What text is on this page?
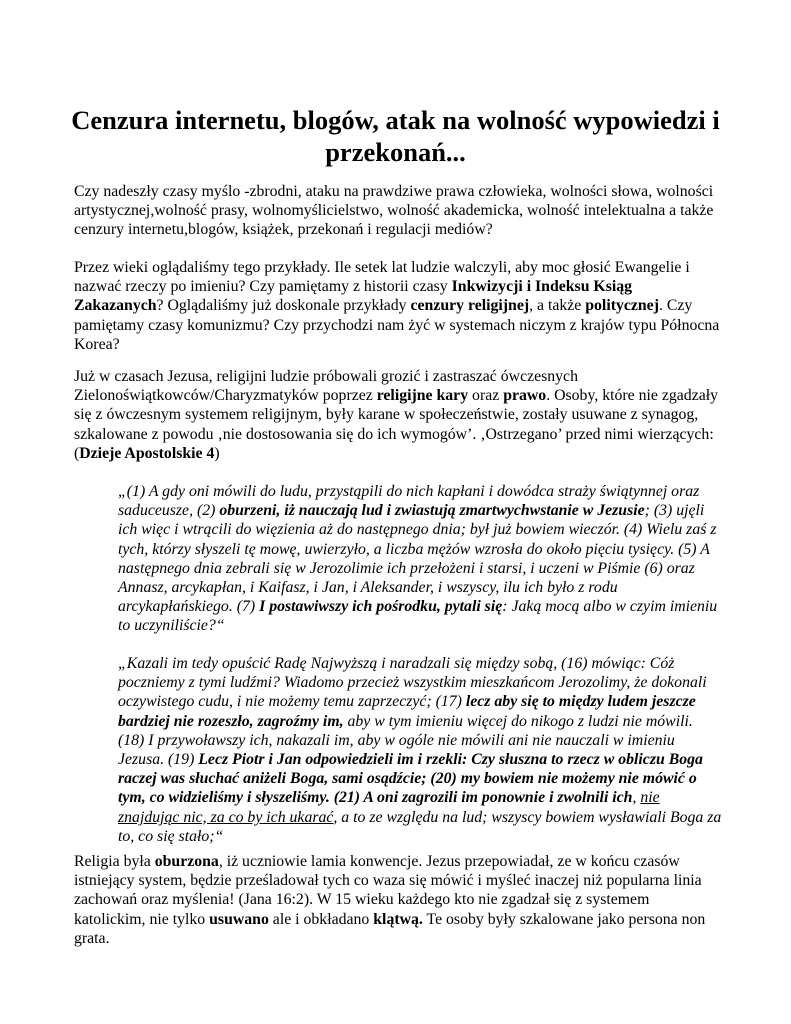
Cenzura internetu, blogów, atak na wolność wypowiedzi i przekonań...

Czy nadeszły czasy myślo -zbrodni, ataku na prawdziwe prawa człowieka, wolności słowa, wolności artystycznej,wolność prasy, wolnomyślicielstwo, wolność akademicka, wolność intelektualna a także cenzury internetu,blogów, książek, przekonań i regulacji mediów?

Przez wieki oglądaliśmy tego przykłady. Ile setek lat ludzie walczyli, aby moc głosić Ewangelie i nazwać rzeczy po imieniu? Czy pamiętamy z historii czasy Inkwizycji i Indeksu Ksiąg Zakazanych? Oglądaliśmy już doskonale przykłady cenzury religijnej, a także politycznej. Czy pamiętamy czasy komunizmu? Czy przychodzi nam żyć w systemach niczym z krajów typu Północna Korea?

Już w czasach Jezusa, religijni ludzie próbowali grozić i zastraszać ówczesnych Zielonoświątkowców/Charyzmatyków poprzez religijne kary oraz prawo. Osoby, które nie zgadzały się z ówczesnym systemem religijnym, były karane w społeczeństwie, zostały usuwane z synagog, szkalowane z powodu ‚nie dostosowania się do ich wymogów’. ‚Ostrzegano’ przed nimi wierzących: (Dzieje Apostolskie 4)

„(1) A gdy oni mówili do ludu, przystąpili do nich kapłani i dowódca straży świątynnej oraz saduceusze, (2) oburzeni, iż nauczają lud i zwiastują zmartwychwstanie w Jezusie; (3) ujęli ich więc i wtrącili do więzienia aż do następnego dnia; był już bowiem wieczór. (4) Wielu zaś z tych, którzy słyszeli tę mowę, uwierzyło, a liczba mężów wzrosła do około pięciu tysięcy. (5) A następnego dnia zebrali się w Jerozolimie ich przełożeni i starsi, i uczeni w Piśmie (6) oraz Annasz, arcykapłan, i Kaifasz, i Jan, i Aleksander, i wszyscy, ilu ich było z rodu arcykapłańskiego. (7) I postawiwszy ich pośrodku, pytali się: Jaką mocą albo w czyim imieniu to uczyniliście?“

„Kazali im tedy opuścić Radę Najwyższą i naradzali się między sobą, (16) mówiąc: Cóż poczniemy z tymi ludźmi? Wiadomo przecież wszystkim mieszkańcom Jerozolimy, że dokonali oczywistego cudu, i nie możemy temu zaprzeczyć; (17) lecz aby się to między ludem jeszcze bardziej nie rozeszło, zagroźmy im, aby w tym imieniu więcej do nikogo z ludzi nie mówili. (18) I przywoławszy ich, nakazali im, aby w ogóle nie mówili ani nie nauczali w imieniu Jezusa. (19) Lecz Piotr i Jan odpowiedzieli im i rzekli: Czy słuszna to rzecz w obliczu Boga raczej was słuchać aniżeli Boga, sami osądźcie; (20) my bowiem nie możemy nie mówić o tym, co widzieliśmy i słyszeliśmy. (21) A oni zagrozili im ponownie i zwolnili ich, nie znajdując nic, za co by ich ukarać, a to ze względu na lud; wszyscy bowiem wysławiali Boga za to, co się stało;“

Religia była oburzona, iż uczniowie lamia konwencje. Jezus przepowiadał, ze w końcu czasów istniejący system, będzie prześladował tych co waza się mówić i myśleć inaczej niż popularna linia zachowań oraz myślenia! (Jana 16:2). W 15 wieku każdego kto nie zgadzał się z systemem katolickim, nie tylko usuwano ale i obkładano klątwą. Te osoby były szkalowane jako persona non grata.
